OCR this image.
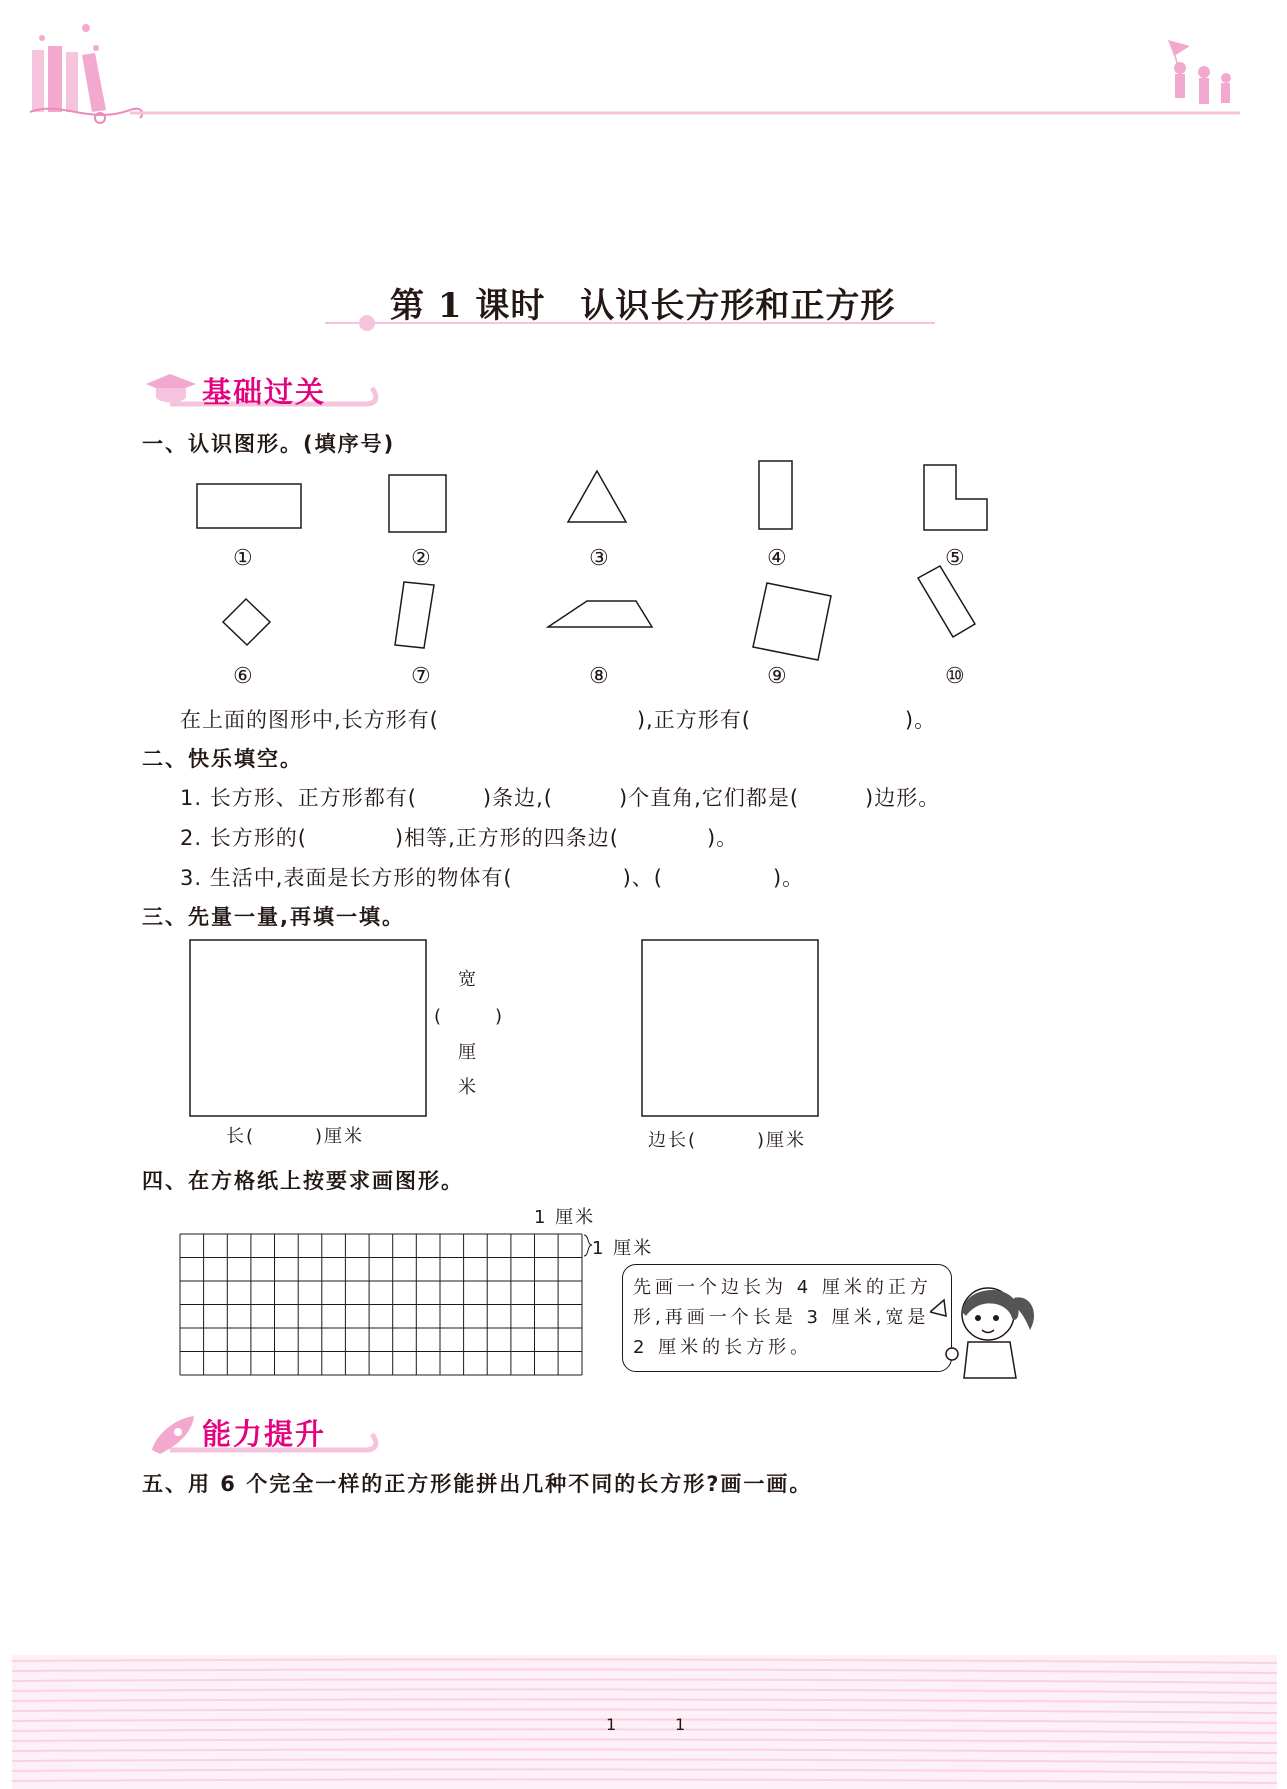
第 1 课时　认识长方形和正方形
基础过关
一、认识图形。(填序号)
①	②	③	④	⑤
⑥	⑦	⑧	⑨	⑩
在上面的图形中,长方形有(　　　　　　　　　),正方形有(　　　　　　　)。
二、快乐填空。
1. 长方形、正方形都有(　　　)条边,(　　　)个直角,它们都是(　　　)边形。
2. 长方形的(　　　　)相等,正方形的四条边(　　　　)。
3. 生活中,表面是长方形的物体有(　　　　　)、(　　　　　)。
三、先量一量,再填一填。
宽
(　　)
厘
米
长(　　　)厘米	边长(　　　)厘米
四、在方格纸上按要求画图形。
1 厘米
1 厘米
先画一个边长为 4 厘米的正方形,再画一个长是 3 厘米,宽是 2 厘米的长方形。
能力提升
五、用 6 个完全一样的正方形能拼出几种不同的长方形?画一画。
1	1
